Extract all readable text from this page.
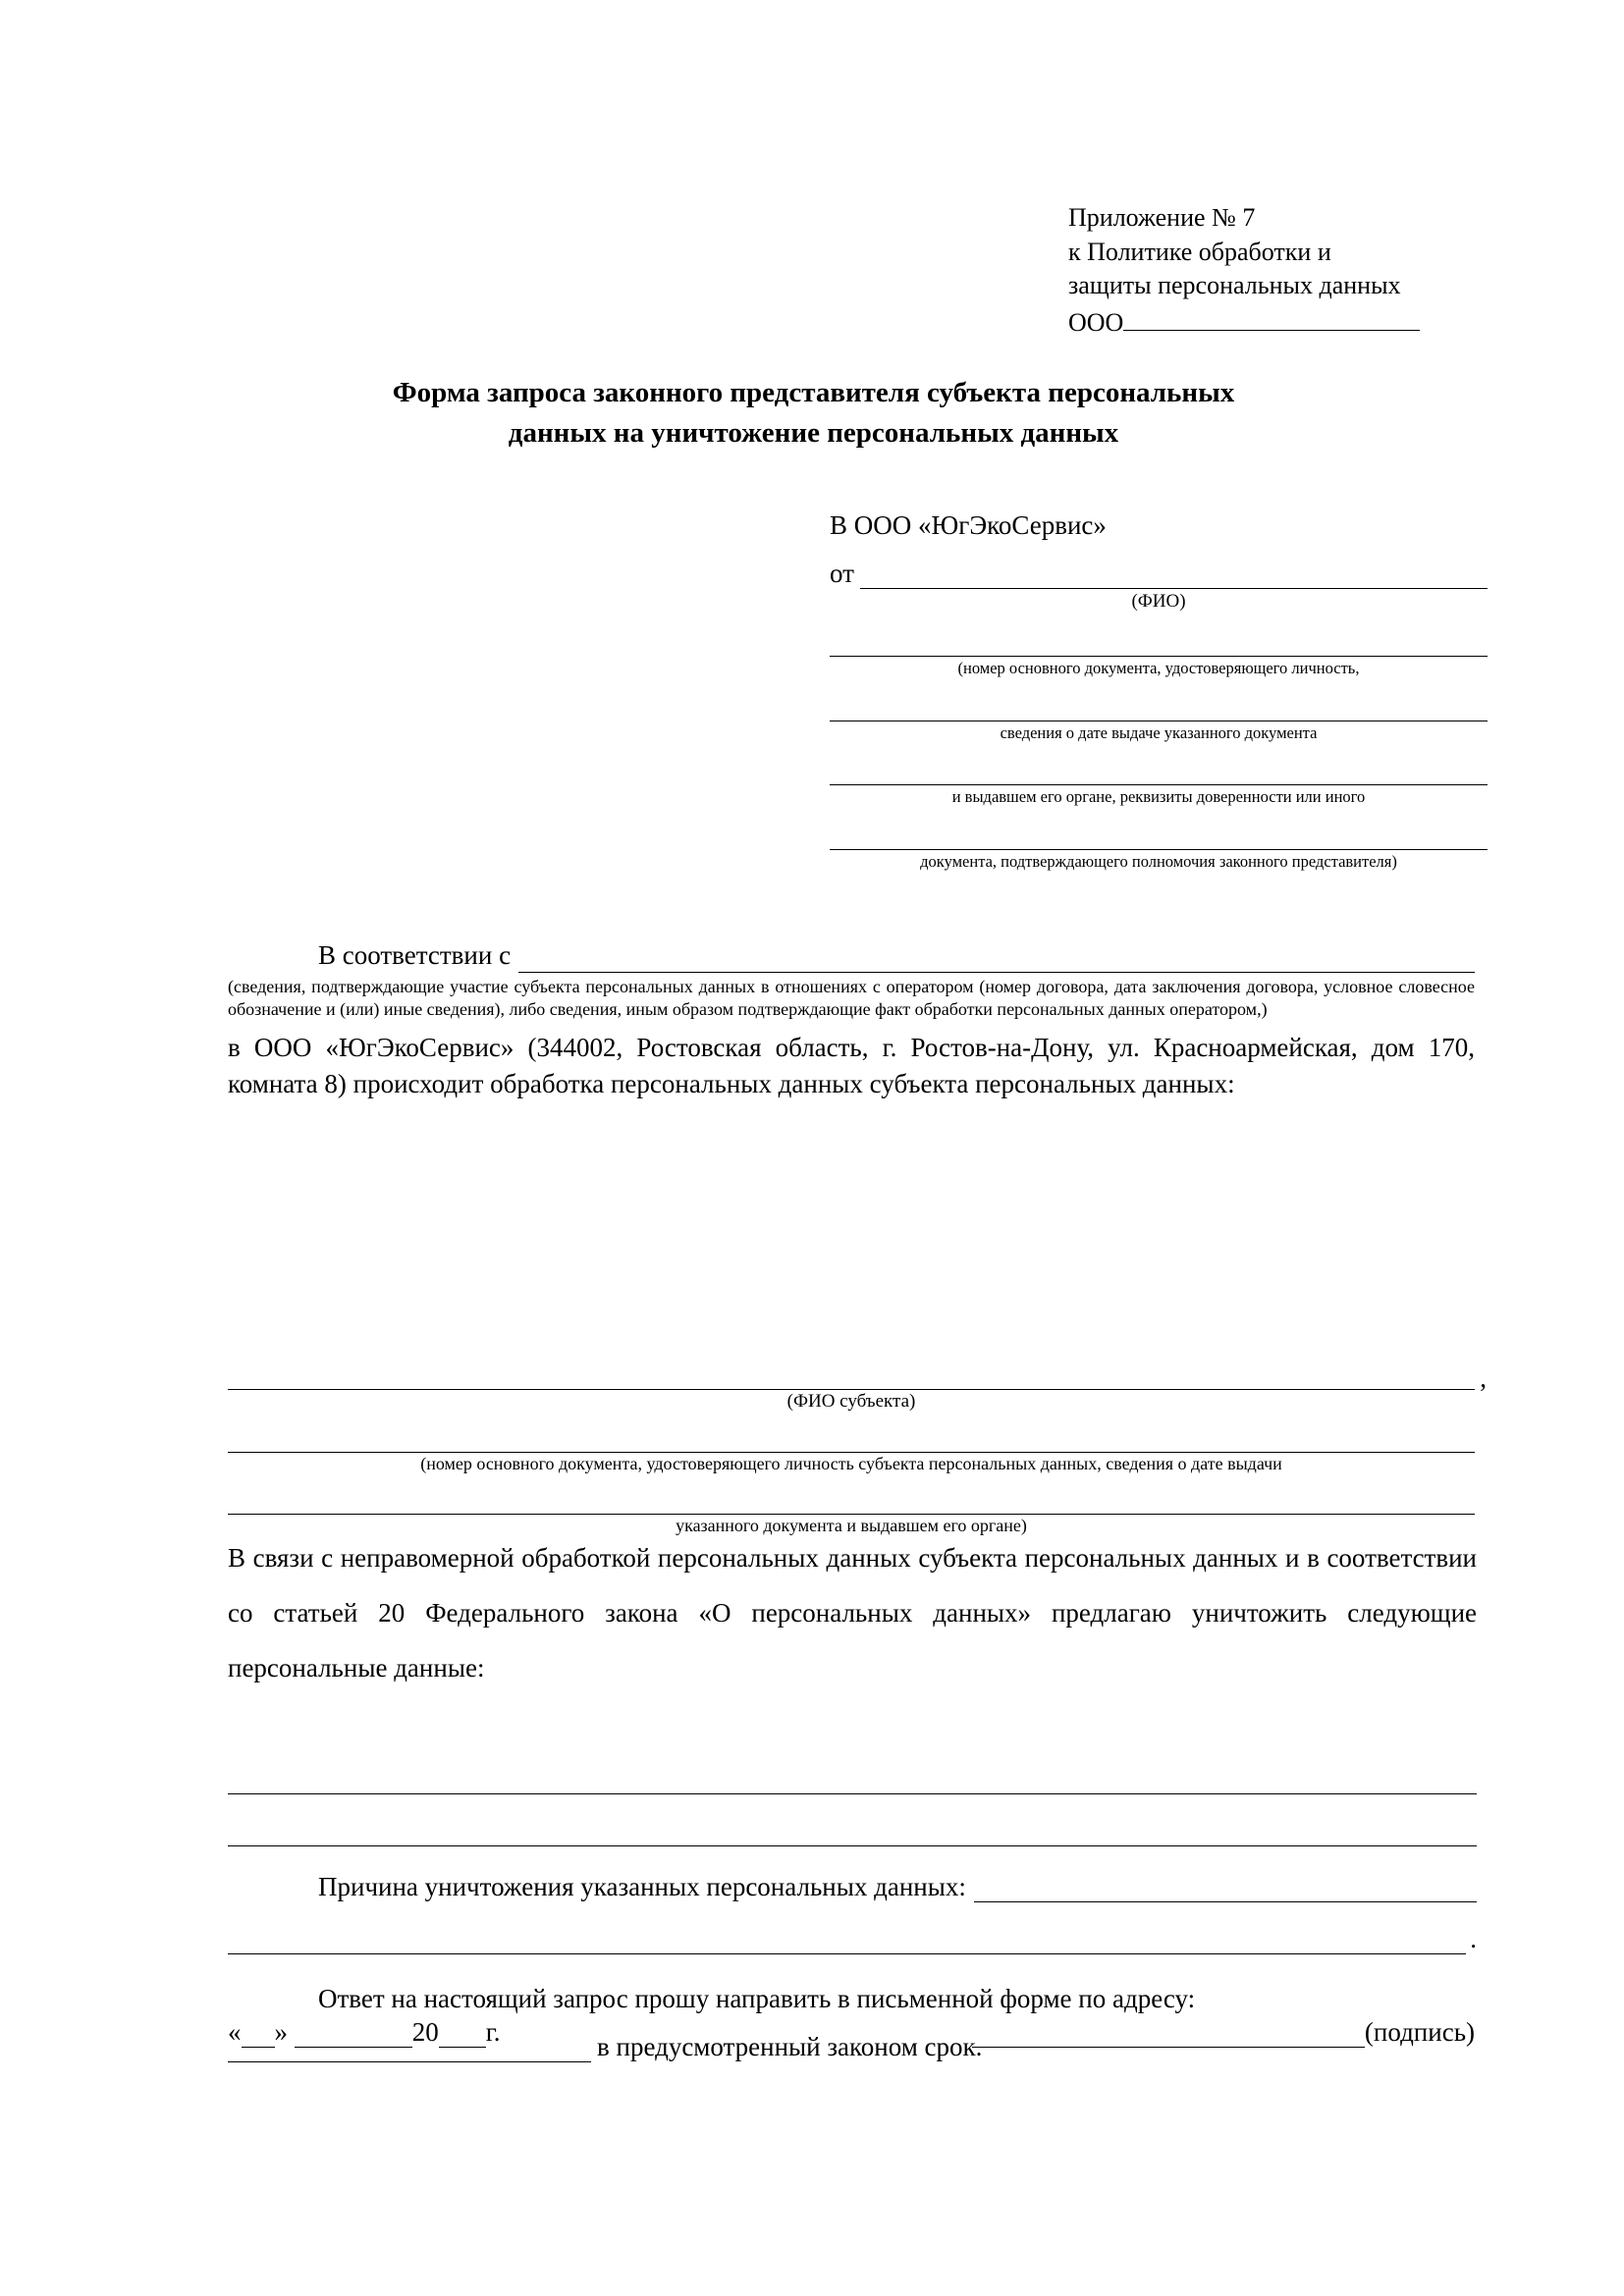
Приложение № 7
к Политике обработки и
защиты персональных данных
ООО
Форма запроса законного представителя субъекта персональных
данных на уничтожение персональных данных
В ООО «ЮгЭкоСервис»
от
(ФИО)
(номер основного документа, удостоверяющего личность,
сведения о дате выдаче указанного документа
и выдавшем его органе, реквизиты доверенности или иного
документа, подтверждающего полномочия законного представителя)
В соответствии с
(сведения, подтверждающие участие субъекта персональных данных в отношениях с оператором (номер договора, дата заключения договора, условное словесное обозначение и (или) иные сведения), либо сведения, иным образом подтверждающие факт обработки персональных данных оператором,)
в ООО «ЮгЭкоСервис» (344002, Ростовская область, г. Ростов-на-Дону, ул. Красноармейская, дом 170, комната 8) происходит обработка персональных данных субъекта персональных данных:
,
(ФИО субъекта)
(номер основного документа, удостоверяющего личность субъекта персональных данных, сведения о дате выдачи
указанного документа и выдавшем его органе)
В связи с неправомерной обработкой персональных данных субъекта персональных данных и в соответствии со статьей 20 Федерального закона «О персональных данных» предлагаю уничтожить следующие персональные данные:
Причина уничтожения указанных персональных данных:
.
Ответ на настоящий запрос прошу направить в письменной форме по адресу:
в предусмотренный законом срок.
« »	20 г.	(подпись)
